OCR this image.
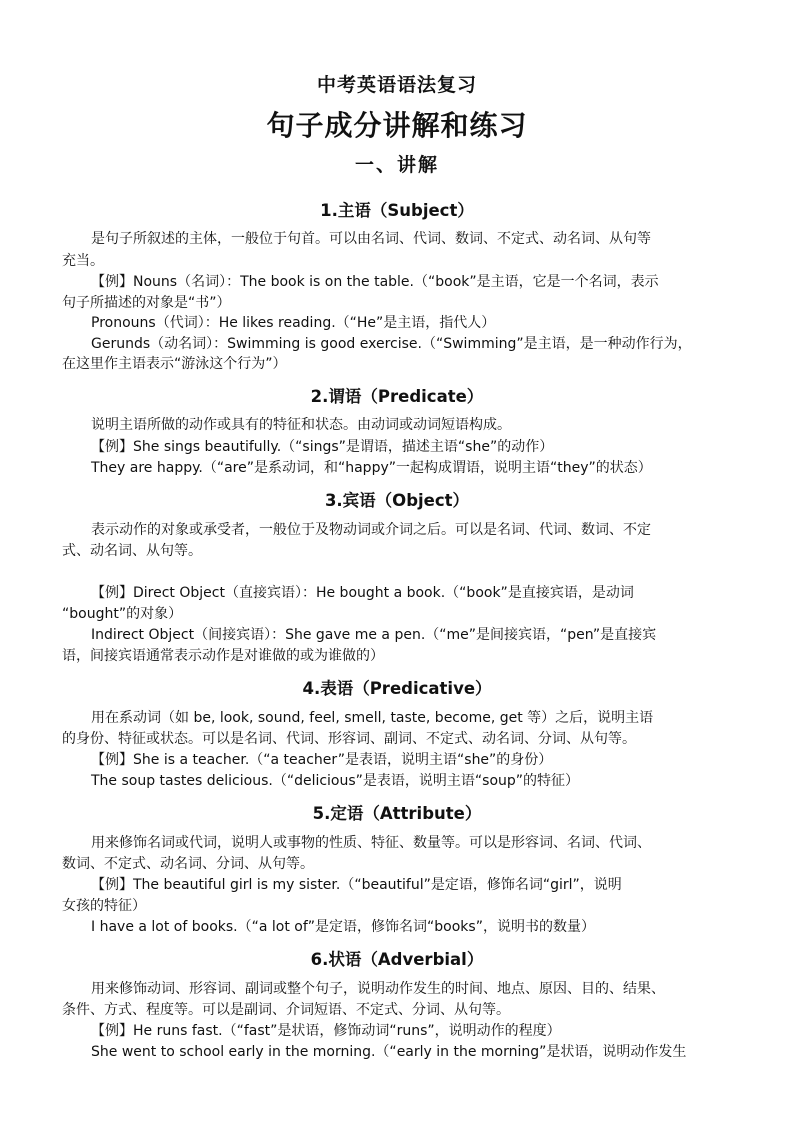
中考英语语法复习
句子成分讲解和练习
一、讲解
1.主语（Subject）
是句子所叙述的主体，一般位于句首。可以由名词、代词、数词、不定式、动名词、从句等
充当。
【例】Nouns（名词）：The book is on the table.（“book”是主语，它是一个名词，表示
句子所描述的对象是“书”）
Pronouns（代词）：He likes reading.（“He”是主语，指代人）
Gerunds（动名词）：Swimming is good exercise.（“Swimming”是主语，是一种动作行为，
在这里作主语表示“游泳这个行为”）
2.谓语（Predicate）
说明主语所做的动作或具有的特征和状态。由动词或动词短语构成。
【例】She sings beautifully.（“sings”是谓语，描述主语“she”的动作）
They are happy.（“are”是系动词，和“happy”一起构成谓语，说明主语“they”的状态）
3.宾语（Object）
表示动作的对象或承受者，一般位于及物动词或介词之后。可以是名词、代词、数词、不定
式、动名词、从句等。
【例】Direct Object（直接宾语）：He bought a book.（“book”是直接宾语，是动词
“bought”的对象）
Indirect Object（间接宾语）：She gave me a pen.（“me”是间接宾语，“pen”是直接宾
语，间接宾语通常表示动作是对谁做的或为谁做的）
4.表语（Predicative）
用在系动词（如 be, look, sound, feel, smell, taste, become, get 等）之后，说明主语
的身份、特征或状态。可以是名词、代词、形容词、副词、不定式、动名词、分词、从句等。
【例】She is a teacher.（“a teacher”是表语，说明主语“she”的身份）
The soup tastes delicious.（“delicious”是表语，说明主语“soup”的特征）
5.定语（Attribute）
用来修饰名词或代词，说明人或事物的性质、特征、数量等。可以是形容词、名词、代词、
数词、不定式、动名词、分词、从句等。
【例】The beautiful girl is my sister.（“beautiful”是定语，修饰名词“girl”，说明
女孩的特征）
I have a lot of books.（“a lot of”是定语，修饰名词“books”，说明书的数量）
6.状语（Adverbial）
用来修饰动词、形容词、副词或整个句子，说明动作发生的时间、地点、原因、目的、结果、
条件、方式、程度等。可以是副词、介词短语、不定式、分词、从句等。
【例】He runs fast.（“fast”是状语，修饰动词“runs”，说明动作的程度）
She went to school early in the morning.（“early in the morning”是状语，说明动作发生
